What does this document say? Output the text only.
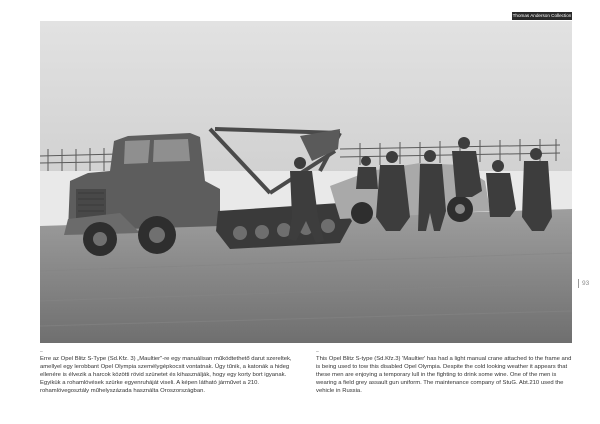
Thomas Anderson Collection
93
–
Erre az Opel Blitz S-Type (Sd.Kfz. 3) „Maultier"-re egy manuálisan működtethető darut szereltek, amellyel egy lerobbant Opel Olympia személygépkocsit vontatnak. Úgy tűnik, a katonák a hideg ellenére is élvezik a harcok közötti rövid szünetet és kihasználják, hogy egy korty bort igyanak. Egyikük a rohamlövések szürke egyenruháját viseli. A képen látható járművet a 210. rohamlövegosztály műhelyszázada használta Oroszországban.
–
This Opel Blitz S-type (Sd.Kfz.3) 'Maultier' has had a light manual crane attached to the frame and is being used to tow this disabled Opel Olympia. Despite the cold looking weather it appears that these men are enjoying a temporary lull in the fighting to drink some wine. One of the men is wearing a field grey assault gun uniform. The maintenance company of StuG. Abt.210 used the vehicle in Russia.
